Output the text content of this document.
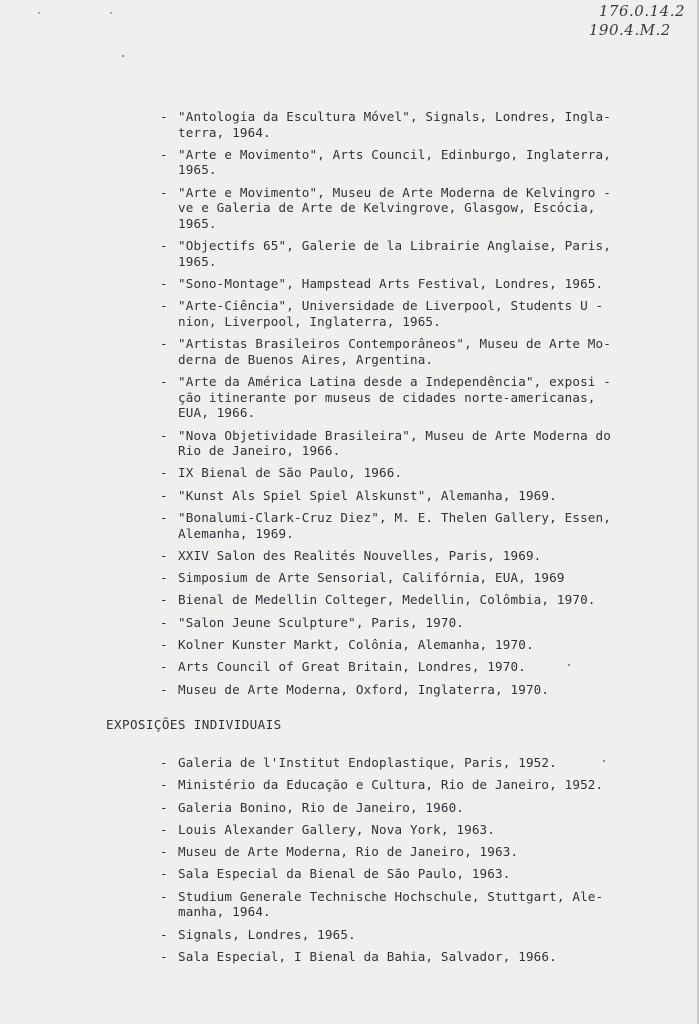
· ·	176.0.14.2
190.4.M.2
- "Antologia da Escultura Móvel", Signals, Londres, Ingla-
terra, 1964.
- "Arte e Movimento", Arts Council, Edinburgo, Inglaterra,
1965.
- "Arte e Movimento", Museu de Arte Moderna de Kelvingro -
ve e Galeria de Arte de Kelvingrove, Glasgow, Escócia,
1965.
- "Objectifs 65", Galerie de la Librairie Anglaise, Paris,
1965.
- "Sono-Montage", Hampstead Arts Festival, Londres, 1965.
- "Arte-Ciência", Universidade de Liverpool, Students U -
nion, Liverpool, Inglaterra, 1965.
- "Artistas Brasileiros Contemporâneos", Museu de Arte Mo-
derna de Buenos Aires, Argentina.
- "Arte da América Latina desde a Independência", exposi -
ção itinerante por museus de cidades norte-americanas,
EUA, 1966.
- "Nova Objetividade Brasileira", Museu de Arte Moderna do
Rio de Janeiro, 1966.
- IX Bienal de São Paulo, 1966.
- "Kunst Als Spiel Spiel Alskunst", Alemanha, 1969.
- "Bonalumi-Clark-Cruz Diez", M. E. Thelen Gallery, Essen,
Alemanha, 1969.
- XXIV Salon des Realités Nouvelles, Paris, 1969.
- Simposium de Arte Sensorial, Califórnia, EUA, 1969
- Bienal de Medellin Colteger, Medellin, Colômbia, 1970.
- "Salon Jeune Sculpture", Paris, 1970.
- Kolner Kunster Markt, Colônia, Alemanha, 1970.
- Arts Council of Great Britain, Londres, 1970.
- Museu de Arte Moderna, Oxford, Inglaterra, 1970.
EXPOSIÇÕES INDIVIDUAIS
- Galeria de l'Institut Endoplastique, Paris, 1952.
- Ministério da Educação e Cultura, Rio de Janeiro, 1952.
- Galeria Bonino, Rio de Janeiro, 1960.
- Louis Alexander Gallery, Nova York, 1963.
- Museu de Arte Moderna, Rio de Janeiro, 1963.
- Sala Especial da Bienal de São Paulo, 1963.
- Studium Generale Technische Hochschule, Stuttgart, Ale-
manha, 1964.
- Signals, Londres, 1965.
- Sala Especial, I Bienal da Bahia, Salvador, 1966.
